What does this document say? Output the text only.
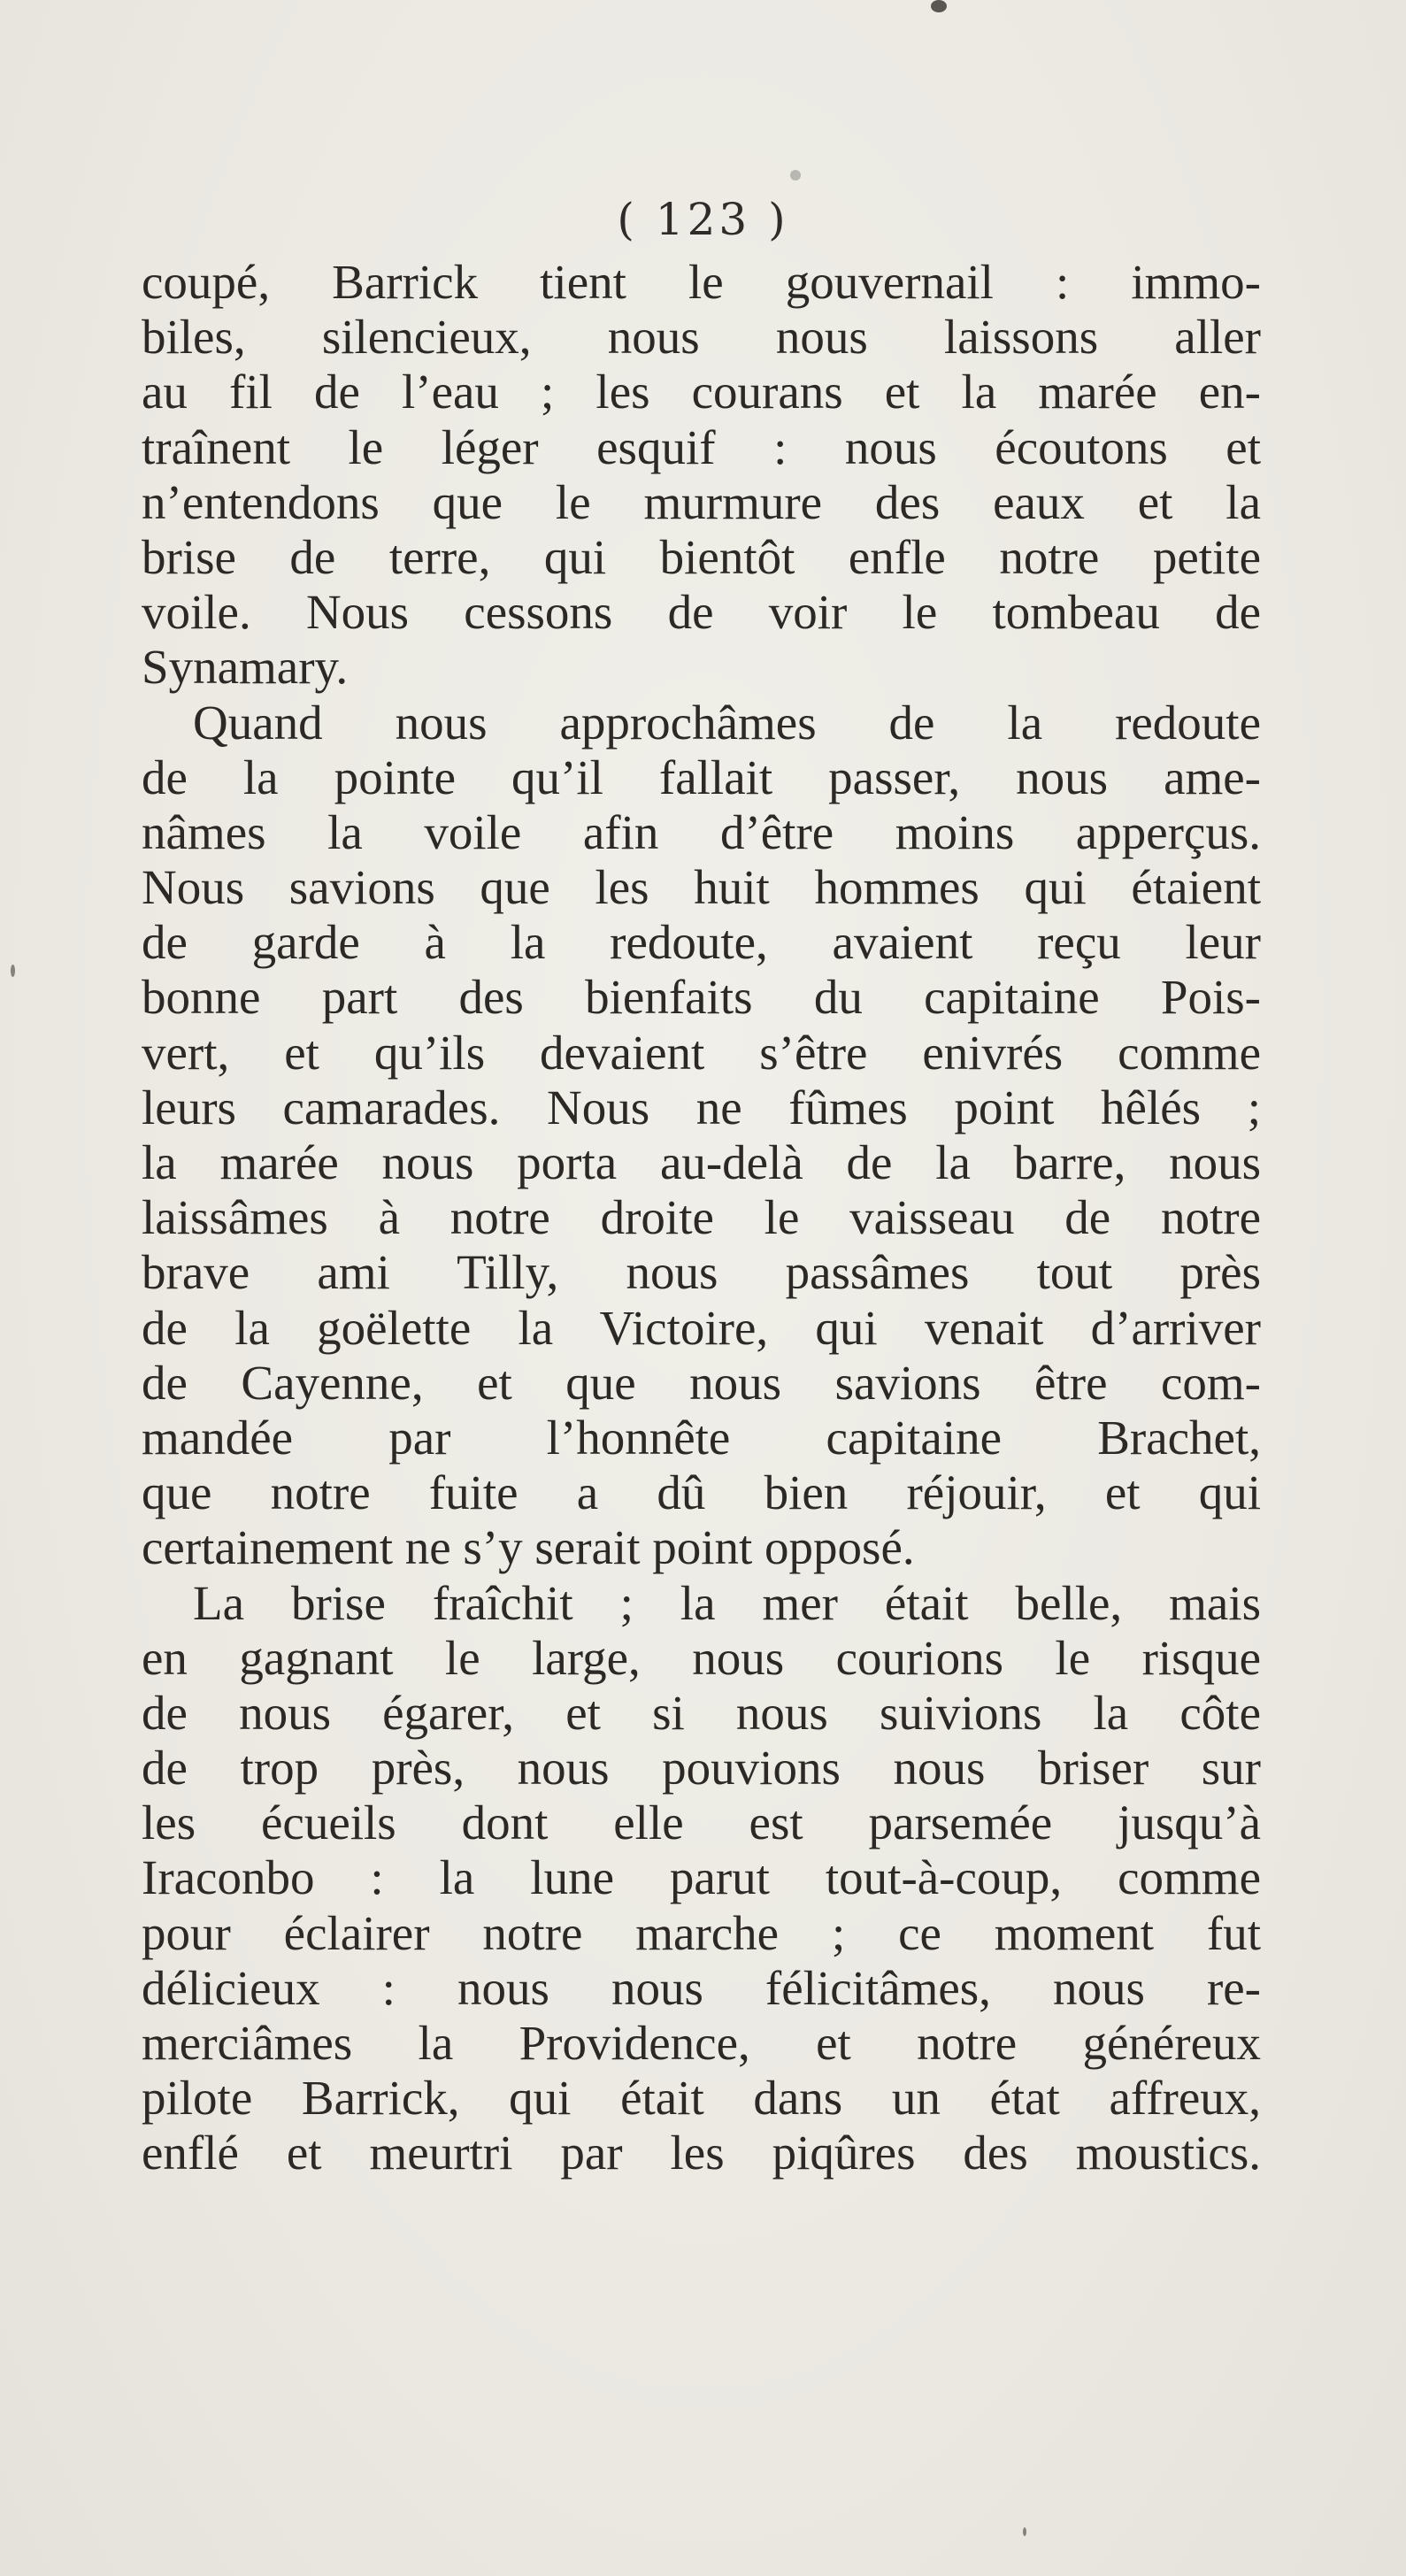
( 123 )
coupé, Barrick tient le gouvernail : immo-
biles, silencieux, nous nous laissons aller
au fil de l’eau ; les courans et la marée en-
traînent le léger esquif : nous écoutons et
n’entendons que le murmure des eaux et la
brise de terre, qui bientôt enfle notre petite
voile. Nous cessons de voir le tombeau de
Synamary.
Quand nous approchâmes de la redoute
de la pointe qu’il fallait passer, nous ame-
nâmes la voile afin d’être moins apperçus.
Nous savions que les huit hommes qui étaient
de garde à la redoute, avaient reçu leur
bonne part des bienfaits du capitaine Pois-
vert, et qu’ils devaient s’être enivrés comme
leurs camarades. Nous ne fûmes point hêlés ;
la marée nous porta au-delà de la barre, nous
laissâmes à notre droite le vaisseau de notre
brave ami Tilly, nous passâmes tout près
de la goëlette la Victoire, qui venait d’arriver
de Cayenne, et que nous savions être com-
mandée par l’honnête capitaine Brachet,
que notre fuite a dû bien réjouir, et qui
certainement ne s’y serait point opposé.
La brise fraîchit ; la mer était belle, mais
en gagnant le large, nous courions le risque
de nous égarer, et si nous suivions la côte
de trop près, nous pouvions nous briser sur
les écueils dont elle est parsemée jusqu’à
Iraconbo : la lune parut tout-à-coup, comme
pour éclairer notre marche ; ce moment fut
délicieux : nous nous félicitâmes, nous re-
merciâmes la Providence, et notre généreux
pilote Barrick, qui était dans un état affreux,
enflé et meurtri par les piqûres des moustics.
